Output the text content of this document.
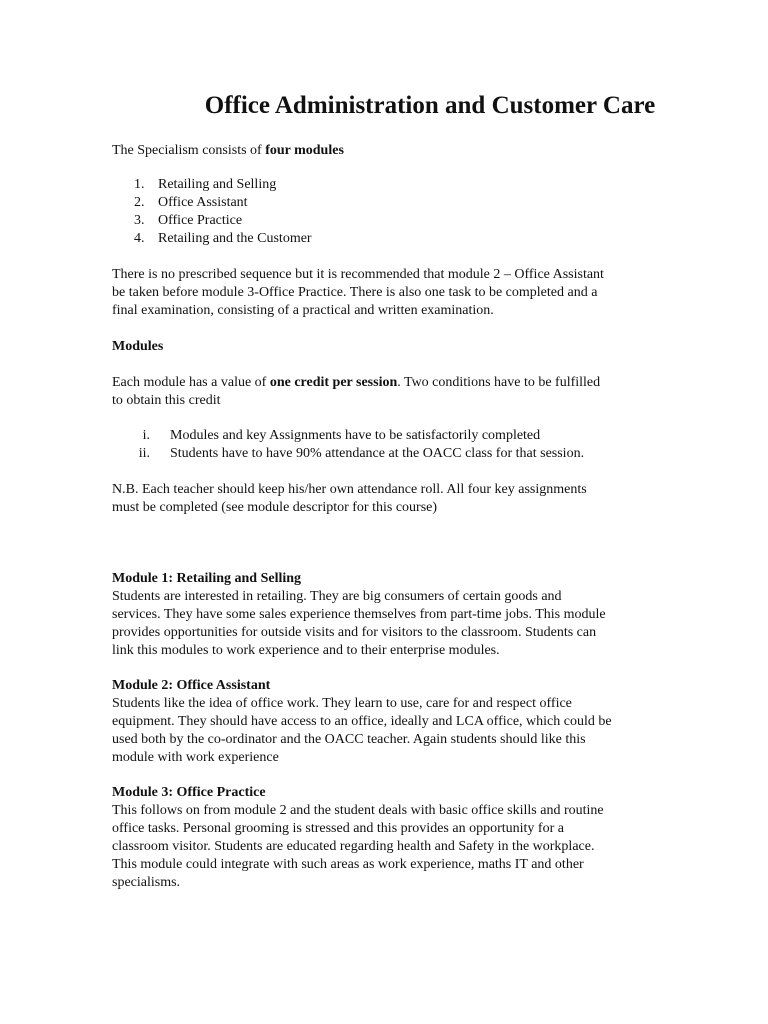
Office Administration and Customer Care

The Specialism consists of four modules

1. Retailing and Selling
2. Office Assistant
3. Office Practice
4. Retailing and the Customer

There is no prescribed sequence but it is recommended that module 2 – Office Assistant
be taken before module 3-Office Practice. There is also one task to be completed and a
final examination, consisting of a practical and written examination.

Modules

Each module has a value of one credit per session. Two conditions have to be fulfilled
to obtain this credit

i. Modules and key Assignments have to be satisfactorily completed
ii. Students have to have 90% attendance at the OACC class for that session.

N.B. Each teacher should keep his/her own attendance roll. All four key assignments
must be completed (see module descriptor for this course)

Module 1: Retailing and Selling
Students are interested in retailing. They are big consumers of certain goods and
services. They have some sales experience themselves from part-time jobs. This module
provides opportunities for outside visits and for visitors to the classroom. Students can
link this modules to work experience and to their enterprise modules.

Module 2: Office Assistant
Students like the idea of office work. They learn to use, care for and respect office
equipment. They should have access to an office, ideally and LCA office, which could be
used both by the co-ordinator and the OACC teacher. Again students should like this
module with work experience

Module 3: Office Practice
This follows on from module 2 and the student deals with basic office skills and routine
office tasks. Personal grooming is stressed and this provides an opportunity for a
classroom visitor. Students are educated regarding health and Safety in the workplace.
This module could integrate with such areas as work experience, maths IT and other
specialisms.
